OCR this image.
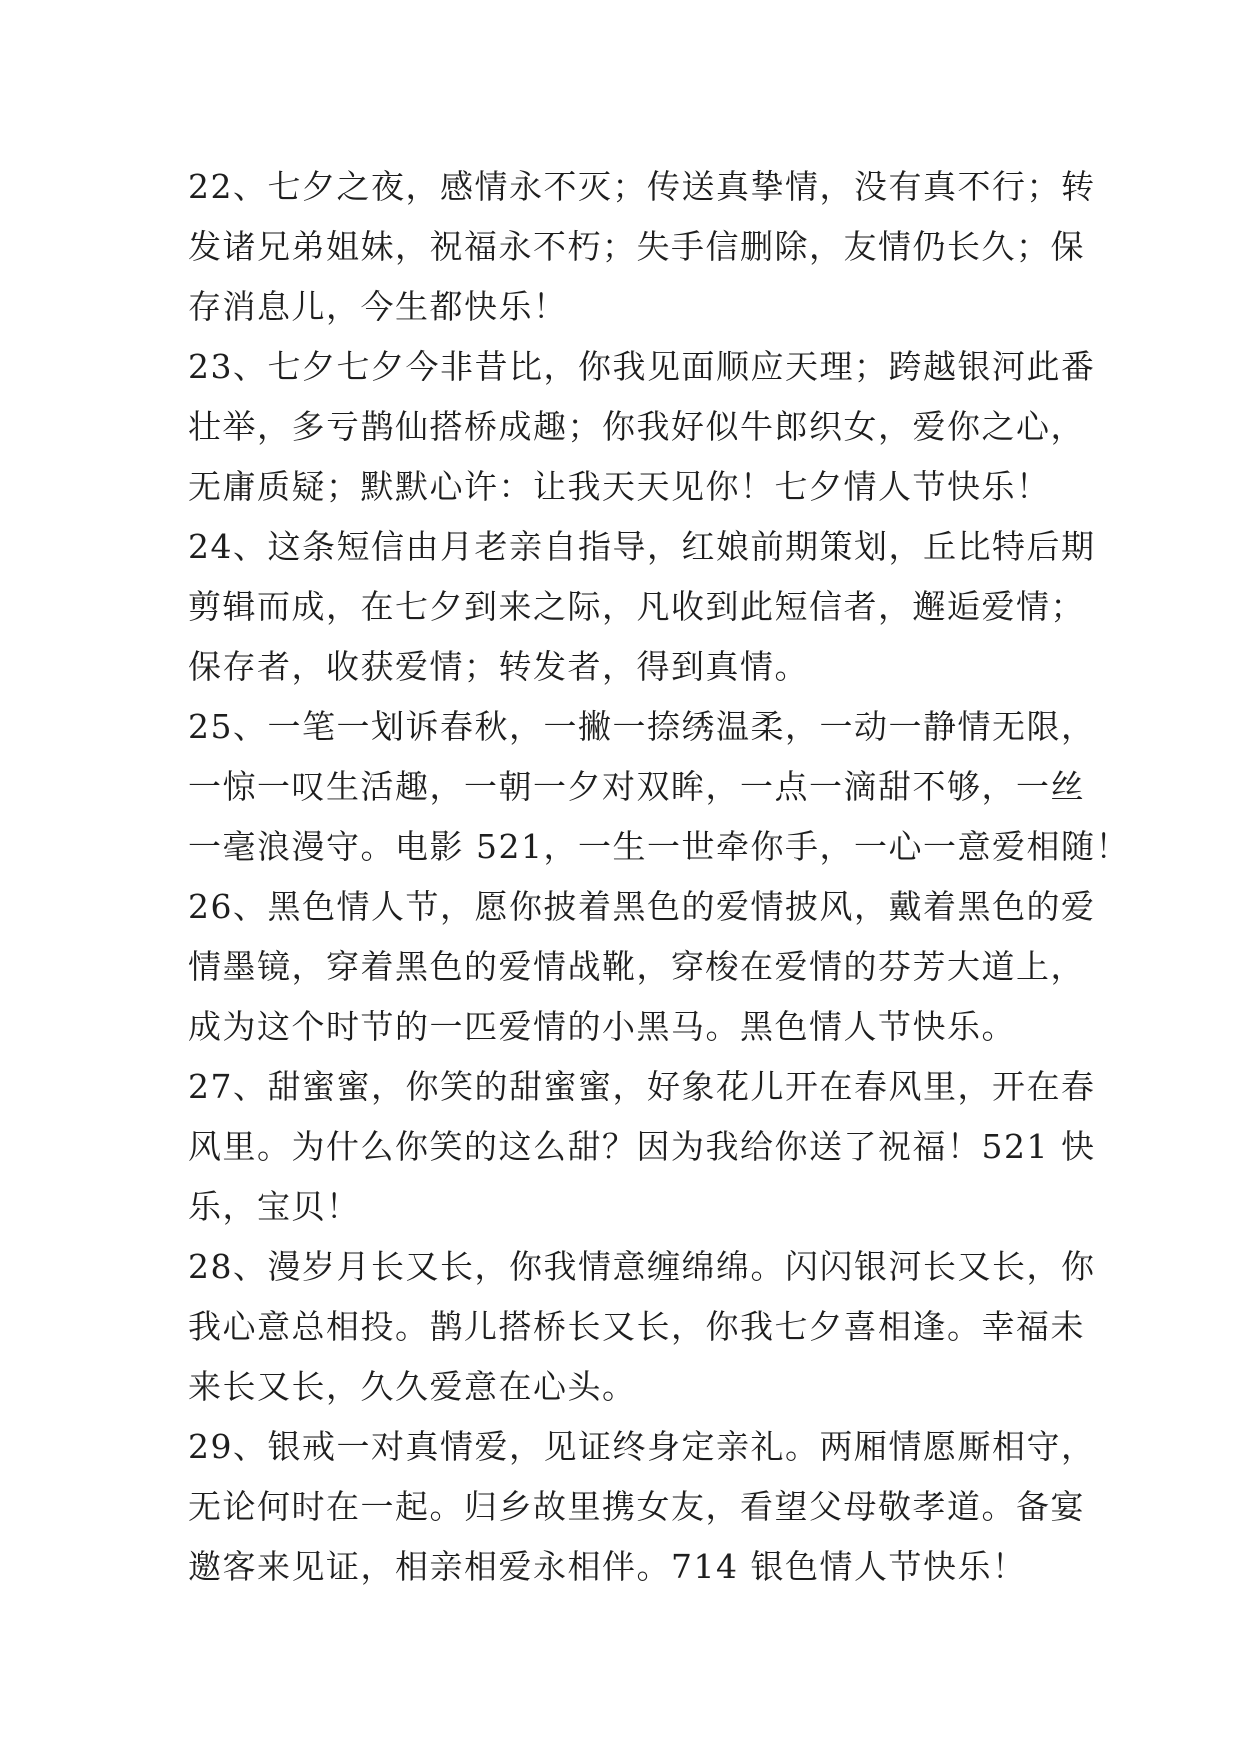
22、七夕之夜，感情永不灭；传送真挚情，没有真不行；转
发诸兄弟姐妹，祝福永不朽；失手信删除，友情仍长久；保
存消息儿，今生都快乐！
23、七夕七夕今非昔比，你我见面顺应天理；跨越银河此番
壮举，多亏鹊仙搭桥成趣；你我好似牛郎织女，爱你之心，
无庸质疑；默默心许：让我天天见你！七夕情人节快乐！
24、这条短信由月老亲自指导，红娘前期策划，丘比特后期
剪辑而成，在七夕到来之际，凡收到此短信者，邂逅爱情；
保存者，收获爱情；转发者，得到真情。
25、一笔一划诉春秋，一撇一捺绣温柔，一动一静情无限，
一惊一叹生活趣，一朝一夕对双眸，一点一滴甜不够，一丝
一毫浪漫守。电影 521，一生一世牵你手，一心一意爱相随！
26、黑色情人节，愿你披着黑色的爱情披风，戴着黑色的爱
情墨镜，穿着黑色的爱情战靴，穿梭在爱情的芬芳大道上，
成为这个时节的一匹爱情的小黑马。黑色情人节快乐。
27、甜蜜蜜，你笑的甜蜜蜜，好象花儿开在春风里，开在春
风里。为什么你笑的这么甜？因为我给你送了祝福！521 快
乐，宝贝！
28、漫岁月长又长，你我情意缠绵绵。闪闪银河长又长，你
我心意总相投。鹊儿搭桥长又长，你我七夕喜相逢。幸福未
来长又长，久久爱意在心头。
29、银戒一对真情爱，见证终身定亲礼。两厢情愿厮相守，
无论何时在一起。归乡故里携女友，看望父母敬孝道。备宴
邀客来见证，相亲相爱永相伴。714 银色情人节快乐！
